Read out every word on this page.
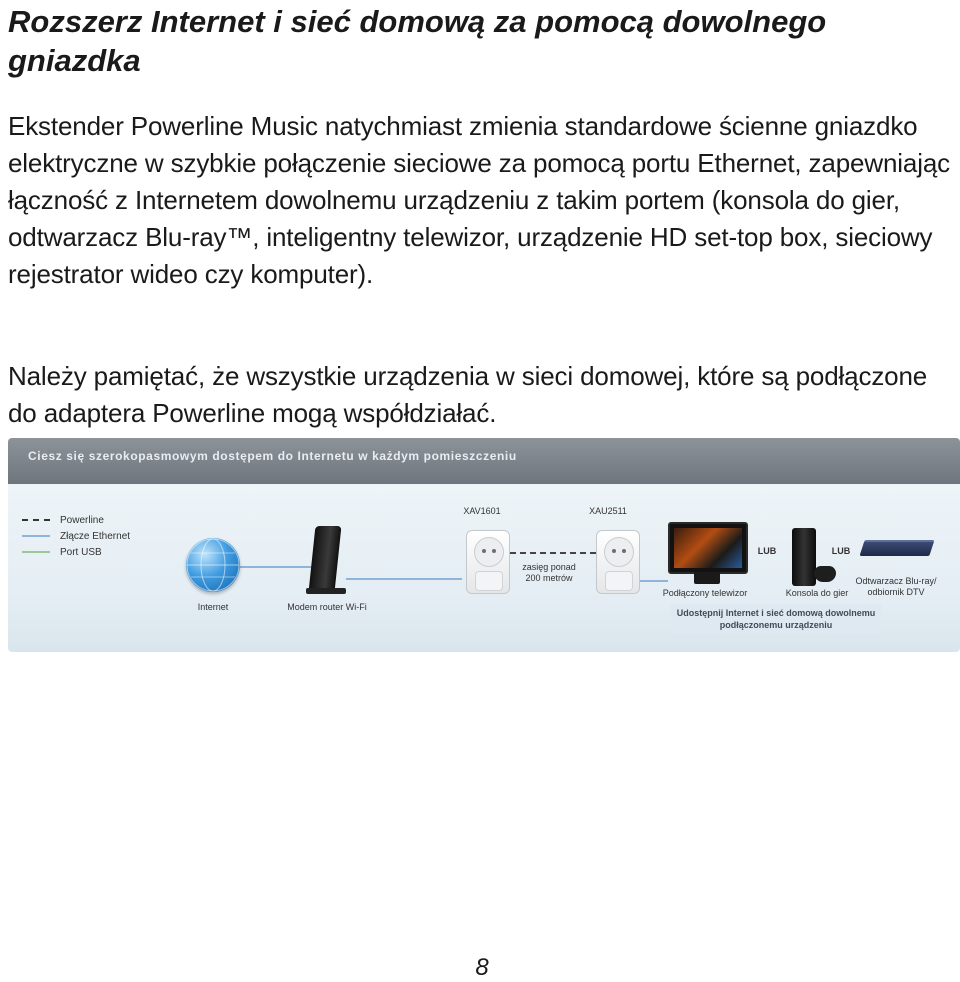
Rozszerz Internet i sieć domową za pomocą dowolnego gniazdka

Ekstender Powerline Music natychmiast zmienia standardowe ścienne gniazdko elektryczne w szybkie połączenie sieciowe za pomocą portu Ethernet, zapewniając łączność z Internetem dowolnemu urządzeniu z takim portem (konsola do gier, odtwarzacz Blu-ray™, inteligentny telewizor, urządzenie HD set-top box, sieciowy rejestrator wideo czy komputer).

Należy pamiętać, że wszystkie urządzenia w sieci domowej, które są podłączone do adaptera Powerline mogą współdziałać.

Ciesz się szerokopasmowym dostępem do Internetu w każdym pomieszczeniu
Powerline
Złącze Ethernet
Port USB
Internet	Modem router Wi-Fi
XAV1601
zasięg ponad
200 metrów
XAU2511
Podłączony telewizor
LUB
Konsola do gier
LUB
Odtwarzacz Blu-ray/
odbiornik DTV
Udostępnij Internet i sieć domową dowolnemu
podłączonemu urządzeniu
8
